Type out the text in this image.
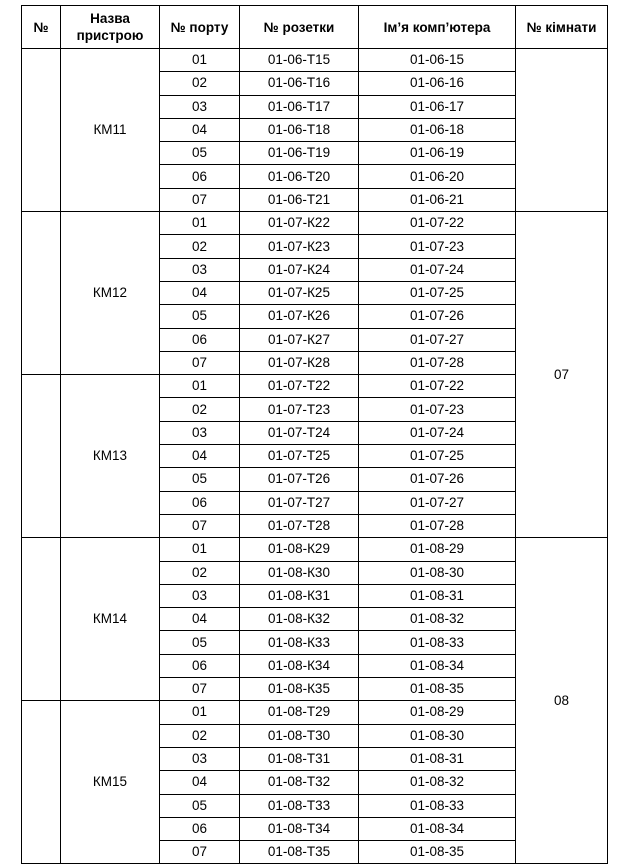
№	Назва пристрою	№ порту	№ розетки	Ім’я комп’ютера	№ кімнати
	КМ11	01	01-06-Т15	01-06-15	
		02	01-06-Т16	01-06-16	
		03	01-06-Т17	01-06-17	
		04	01-06-Т18	01-06-18	
		05	01-06-Т19	01-06-19	
		06	01-06-Т20	01-06-20	
		07	01-06-Т21	01-06-21	
	КМ12	01	01-07-К22	01-07-22	07
		02	01-07-К23	01-07-23	
		03	01-07-К24	01-07-24	
		04	01-07-К25	01-07-25	
		05	01-07-К26	01-07-26	
		06	01-07-К27	01-07-27	
		07	01-07-К28	01-07-28	
	КМ13	01	01-07-Т22	01-07-22	
		02	01-07-Т23	01-07-23	
		03	01-07-Т24	01-07-24	
		04	01-07-Т25	01-07-25	
		05	01-07-Т26	01-07-26	
		06	01-07-Т27	01-07-27	
		07	01-07-Т28	01-07-28	
	КМ14	01	01-08-К29	01-08-29	08
		02	01-08-К30	01-08-30	
		03	01-08-К31	01-08-31	
		04	01-08-К32	01-08-32	
		05	01-08-К33	01-08-33	
		06	01-08-К34	01-08-34	
		07	01-08-К35	01-08-35	
	КМ15	01	01-08-Т29	01-08-29	
		02	01-08-Т30	01-08-30	
		03	01-08-Т31	01-08-31	
		04	01-08-Т32	01-08-32	
		05	01-08-Т33	01-08-33	
		06	01-08-Т34	01-08-34	
		07	01-08-Т35	01-08-35	
